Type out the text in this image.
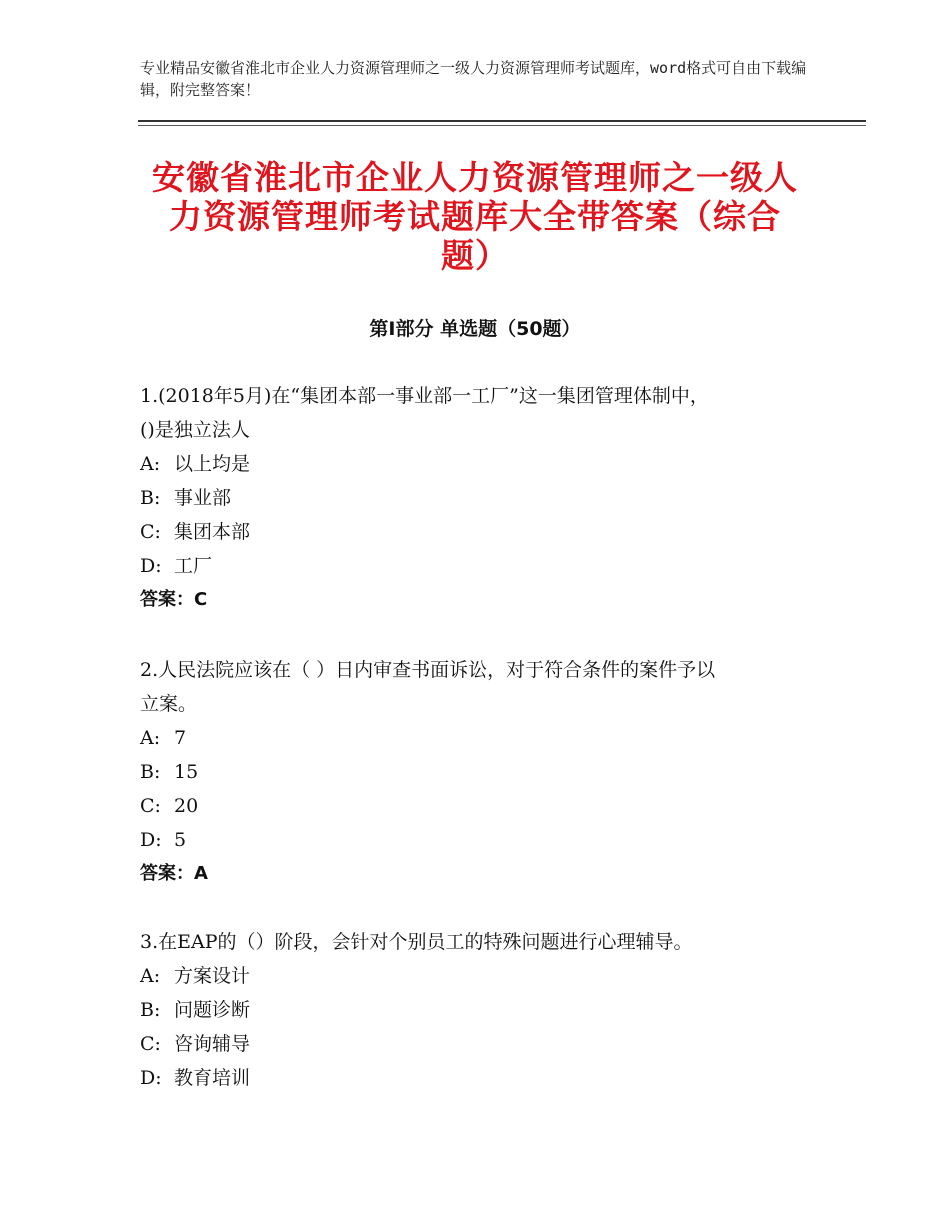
专业精品安徽省淮北市企业人力资源管理师之一级人力资源管理师考试题库，word格式可自由下载编辑，附完整答案！
安徽省淮北市企业人力资源管理师之一级人
力资源管理师考试题库大全带答案（综合
题）
第Ⅰ部分 单选题（50题）
1.(2018年5月)在“集团本部一事业部一工厂”这一集团管理体制中，
()是独立法人
A: 以上均是
B: 事业部
C: 集团本部
D: 工厂
答案：C
2.人民法院应该在（ ）日内审查书面诉讼，对于符合条件的案件予以
立案。
A: 7
B: 15
C: 20
D: 5
答案：A
3.在EAP的（）阶段，会针对个别员工的特殊问题进行心理辅导。
A: 方案设计
B: 问题诊断
C: 咨询辅导
D: 教育培训
